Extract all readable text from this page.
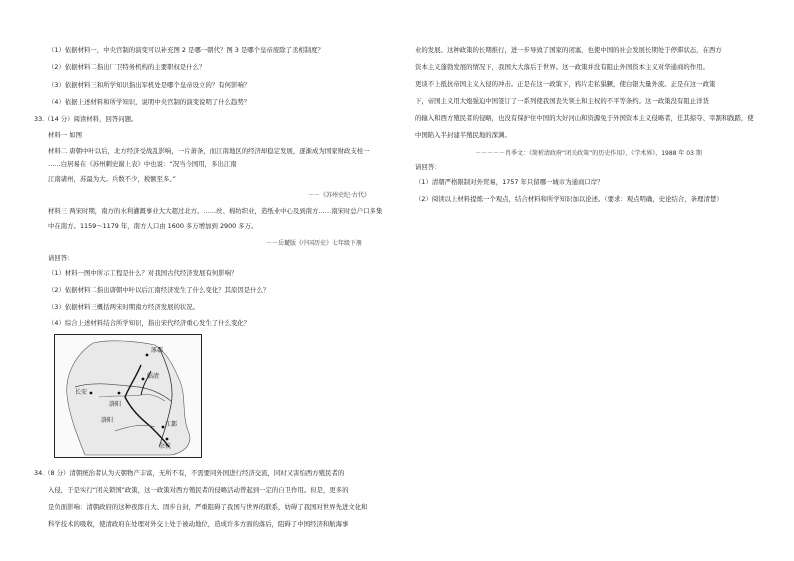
（1）依据材料一，中央官制的演变可以补充图 2 是哪一朝代？图 3 是哪个皇帝废除了丞相制度？
（2）依据材料二指出厂卫特务机构的主要职权是什么？
（3）依据材料三和所学知识指出军机处是哪个皇帝设立的？有何影响？
（4）依据上述材料和所学知识，说明中央官制的演变说明了什么趋势？
33.（14 分）阅读材料，回答问题。
材料一 如图
材料二 唐朝中叶以后，北方经济受战乱影响，一片萧条，而江南地区的经济却稳定发展，逐渐成为国家财政支柱一
……白居易在《苏州刺史谢上表》中也说：“况当今国用，多出江南
江南诸州，苏最为大。兵数不少，税额至多。”
－－《苏州史纪·古代》
材料三 两宋时期，南方的水利灌溉事业大大超过北方。……丝、棉纺织业，造纸业中心及到南方……南宋时总户口多集
中在南方。1159～1179 年，南方人口由 1600 多万增加到 2900 多万。
－－岳麓版《中国历史》七年级下册
请回答：
（1）材料一图中所示工程是什么？对我国古代经济发展有何影响？
（2）依据材料二指出唐朝中叶以后江南经济发生了什么变化？其原因是什么？
（3）依据材料三概括两宋时期南方经济发展的状况。
（4）综合上述材料结合所学知识，指出宋代经济重心发生了什么变化？
涿郡
临清
长安
洛阳
洛阳
江都
余杭
34.（8 分）清朝统治者认为天朝物产丰富，无所不有，不需要同外国进行经济交流，同时又害怕西方殖民者的
入侵，于是实行“闭关锁国”政策，这一政策对西方殖民者的侵略活动曾起到一定的自卫作用。但是，更多的
是负面影响：清朝政府的这种夜郎自大、固步自封，严重阻碍了我国与世界的联系，妨碍了我国对世界先进文化和
科学技术的吸收，使清政府在处理对外交上处于被动地位，造成许多方面的落后，阻碍了中国经济和航海事
业的发展。这种政策的长期推行，进一步导致了国家的闭塞，也使中国的社会发展长期处于停滞状态，在西方
资本主义蓬勃发展的情况下，我国大大落后于世界。这一政策并没有阻止外国资本主义对华通商的作用。
更谈不上抵抗帝国主义入侵的冲击。正是在这一政策下，鸦片走私猖獗，使白银大量外流。正是在这一政策
下，帝国主义用大炮强迫中国签订了一系列使我国丧失领土和主权的不平等条约。这一政策没有阻止洋货
的输入和西方殖民者的侵略，也没有保护住中国的大好河山和资源免于外国资本主义侵略者，任其掠夺、宰割和践踏，使
中国陷入半封建半殖民地的深渊。
－－－－－肖季文：《简析清政府“闭关政策”的历史作用》，《学术界》，1988 年 03 期
请回答：
（1）清朝严格限制对外贸易，1757 年只留哪一城市为通商口岸？
（2）阅读以上材料提炼一个观点，结合材料和所学知识加以论述。（要求：观点明确，史论结合，条理清楚）
